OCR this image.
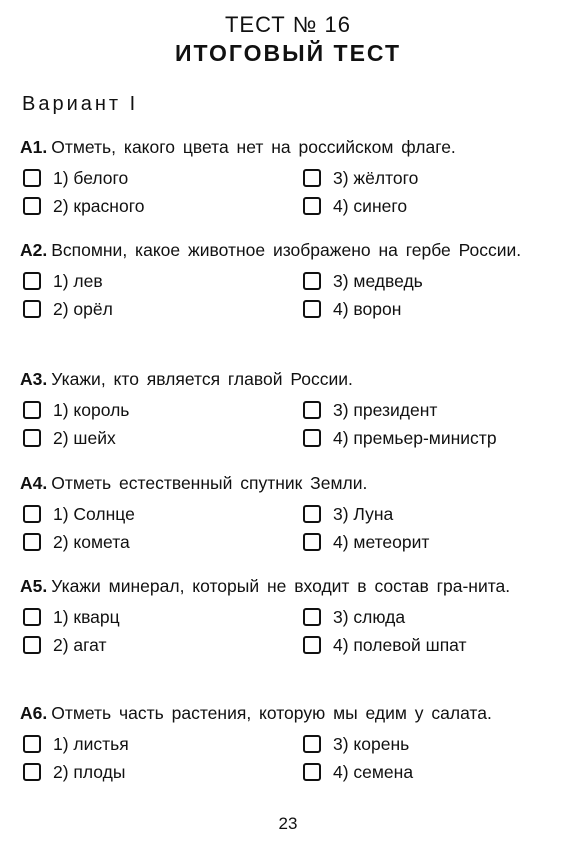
ТЕСТ № 16
ИТОГОВЫЙ ТЕСТ
Вариант I

A1. Отметь, какого цвета нет на российском флаге.

1) белого
2) красного
3) жёлтого
4) синего

A2. Вспомни, какое животное изображено на гербе России.

1) лев
2) орёл
3) медведь
4) ворон

A3. Укажи, кто является главой России.

1) король
2) шейх
3) президент
4) премьер-министр

A4. Отметь естественный спутник Земли.

1) Солнце
2) комета
3) Луна
4) метеорит

A5. Укажи минерал, который не входит в состав гра-нита.

1) кварц
2) агат
3) слюда
4) полевой шпат

A6. Отметь часть растения, которую мы едим у салата.

1) листья
2) плоды
3) корень
4) семена
23
